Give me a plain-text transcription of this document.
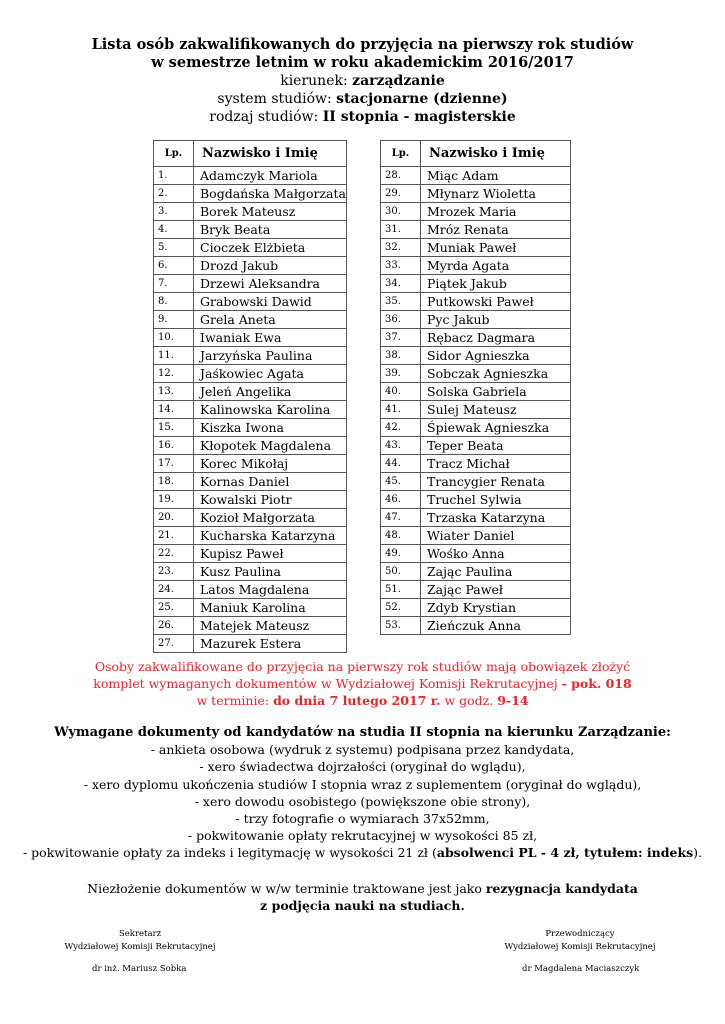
Lista osób zakwalifikowanych do przyjęcia na pierwszy rok studiów
w semestrze letnim w roku akademickim 2016/2017
kierunek: zarządzanie
system studiów: stacjonarne (dzienne)
rodzaj studiów: II stopnia - magisterskie
Lp.	Nazwisko i Imię
1.	Adamczyk Mariola
2.	Bogdańska Małgorzata
3.	Borek Mateusz
4.	Bryk Beata
5.	Cioczek Elżbieta
6.	Drozd Jakub
7.	Drzewi Aleksandra
8.	Grabowski Dawid
9.	Grela Aneta
10.	Iwaniak Ewa
11.	Jarzyńska Paulina
12.	Jaśkowiec Agata
13.	Jeleń Angelika
14.	Kalinowska Karolina
15.	Kiszka Iwona
16.	Kłopotek Magdalena
17.	Korec Mikołaj
18.	Kornas Daniel
19.	Kowalski Piotr
20.	Kozioł Małgorzata
21.	Kucharska Katarzyna
22.	Kupisz Paweł
23.	Kusz Paulina
24.	Latos Magdalena
25.	Maniuk Karolina
26.	Matejek Mateusz
27.	Mazurek Estera
Lp.	Nazwisko i Imię
28.	Miąc Adam
29.	Młynarz Wioletta
30.	Mrozek Maria
31.	Mróz Renata
32.	Muniak Paweł
33.	Myrda Agata
34.	Piątek Jakub
35.	Putkowski Paweł
36.	Pyc Jakub
37.	Rębacz Dagmara
38.	Sidor Agnieszka
39.	Sobczak Agnieszka
40.	Solska Gabriela
41.	Sulej Mateusz
42.	Śpiewak Agnieszka
43.	Teper Beata
44.	Tracz Michał
45.	Trancygier Renata
46.	Truchel Sylwia
47.	Trzaska Katarzyna
48.	Wiater Daniel
49.	Wośko Anna
50.	Zając Paulina
51.	Zając Paweł
52.	Zdyb Krystian
53.	Zieńczuk Anna
Osoby zakwalifikowane do przyjęcia na pierwszy rok studiów mają obowiązek złożyć
komplet wymaganych dokumentów w Wydziałowej Komisji Rekrutacyjnej - pok. 018
w terminie: do dnia 7 lutego 2017 r. w godz. 9-14
Wymagane dokumenty od kandydatów na studia II stopnia na kierunku Zarządzanie:
- ankieta osobowa (wydruk z systemu) podpisana przez kandydata,
- xero świadectwa dojrzałości (oryginał do wglądu),
- xero dyplomu ukończenia studiów I stopnia wraz z suplementem (oryginał do wglądu),
- xero dowodu osobistego (powiększone obie strony),
- trzy fotografie o wymiarach 37x52mm,
- pokwitowanie opłaty rekrutacyjnej w wysokości 85 zł,
- pokwitowanie opłaty za indeks i legitymację w wysokości 21 zł (absolwenci PL - 4 zł, tytułem: indeks).
Niezłożenie dokumentów w w/w terminie traktowane jest jako rezygnacja kandydata
z podjęcia nauki na studiach.
Sekretarz
Wydziałowej Komisji Rekrutacyjnej
dr inż. Mariusz Sobka
Przewodniczący
Wydziałowej Komisji Rekrutacyjnej
dr Magdalena Maciaszczyk
